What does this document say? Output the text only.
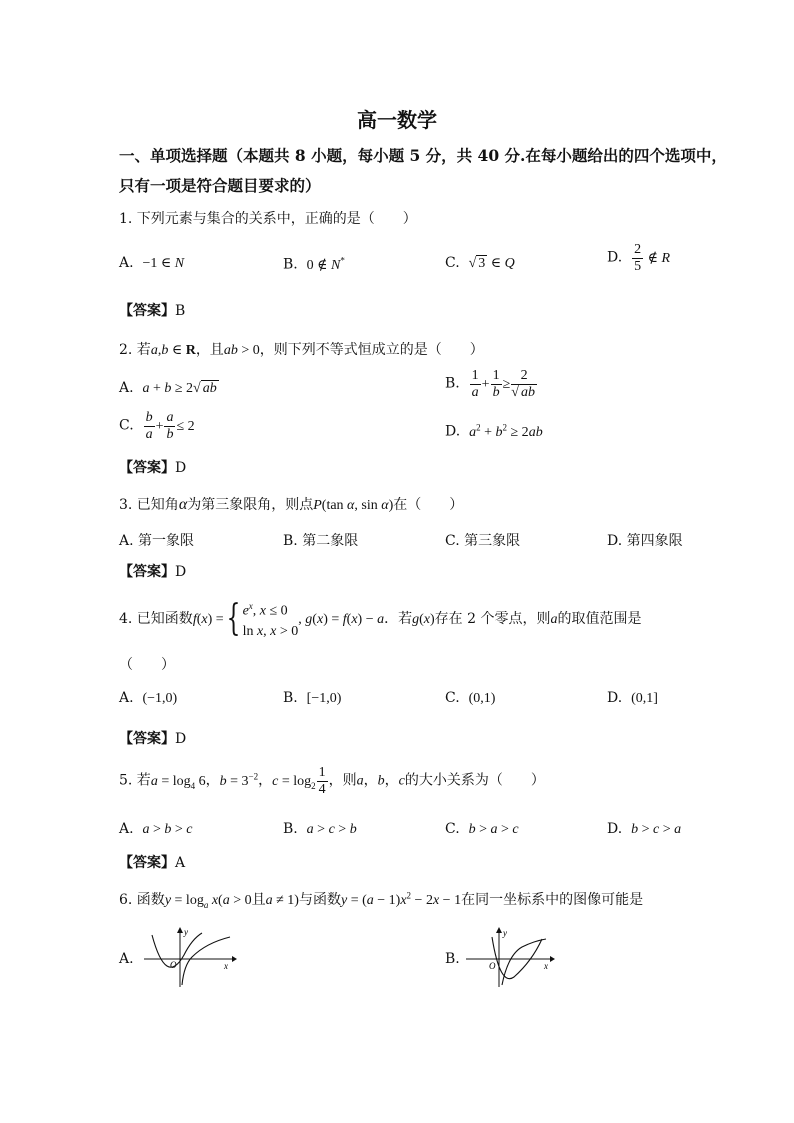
高一数学
一、单项选择题（本题共 8 小题，每小题 5 分，共 40 分.在每小题给出的四个选项中，
只有一项是符合题目要求的）
1. 下列元素与集合的关系中，正确的是（　　）
A. −1 ∈ N	B. 0 ∉ N*	C. √ 3 ∈ Q	D. $\frac{2}{5}$ ∉ R
【答案】B
2. 若a,b ∈ R，且ab > 0，则下列不等式恒成立的是（　　）
A. a + b ≥ 2√ ab	B. $\frac{1}{a} + \frac{1}{b} \ge \frac{2}{√ ab}$
C. $\frac{b}{a} + \frac{a}{b} \le 2$	D. $a^2 + b^2 \ge 2ab$
【答案】D
3. 已知角α为第三象限角，则点P(tan α, sin α)在（　　）
A. 第一象限	B. 第二象限	C. 第三象限	D. 第四象限
【答案】D
4. 已知函数f(x) ={ $e^x$, x ≤ 0
ln x, x > 0
, g(x) = f(x) − a．若g(x)存在 2 个零点，则a的取值范围是
（　　）
A. (−1,0)	B. [−1,0)	C. (0,1)	D. (0,1]
【答案】D
5. 若$a = \log_4 6$，$b = 3^{-2}$，$c = \log_2 \frac{1}{4}$ ，则a，b，c的大小关系为（　　）
A. a > b > c	B. a > c > b	C. b > a > c	D. b > c > a
【答案】A
6. 函数$y = \log_a x(a > 0$且a ≠ 1)与函数$y = (a - 1)x^2 - 2x - 1$在同一坐标系中的图像可能是
A.
y
x
O	B.
y
x
O
